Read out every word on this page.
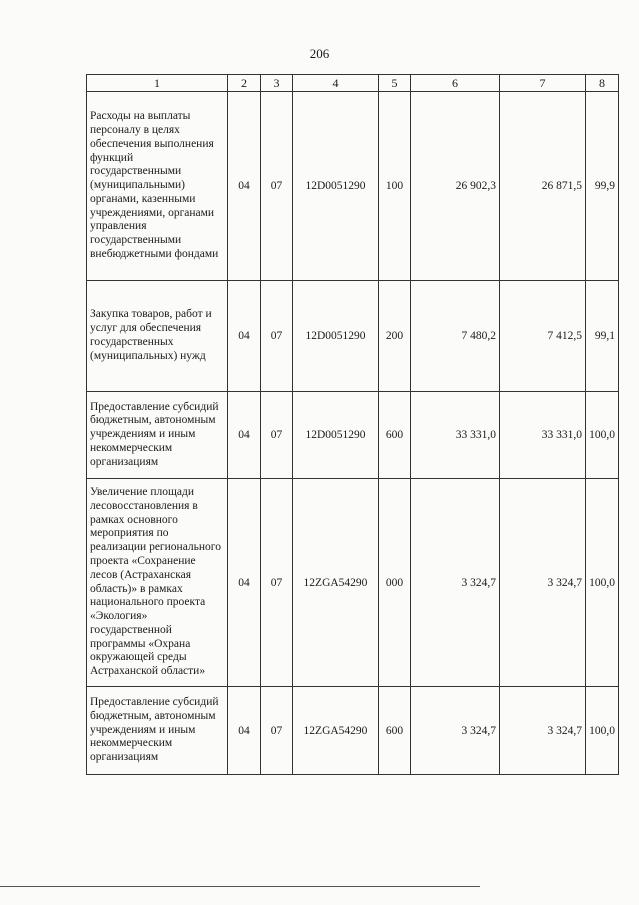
206
1	2	3	4	5	6	7	8
Расходы на выплаты персоналу в целях обеспечения выполнения функций государственными (муниципальными) органами, казенными учреждениями, органами управления государственными внебюджетными фондами	04	07	12D0051290	100	26 902,3	26 871,5	99,9
Закупка товаров, работ и услуг для обеспечения государственных (муниципальных) нужд	04	07	12D0051290	200	7 480,2	7 412,5	99,1
Предоставление субсидий бюджетным, автономным учреждениям и иным некоммерческим организациям	04	07	12D0051290	600	33 331,0	33 331,0	100,0
Увеличение площади лесовосстановления в рамках основного мероприятия по реализации регионального проекта «Сохранение лесов (Астраханская область)» в рамках национального проекта «Экология» государственной программы «Охрана окружающей среды Астраханской области»	04	07	12ZGA54290	000	3 324,7	3 324,7	100,0
Предоставление субсидий бюджетным, автономным учреждениям и иным некоммерческим организациям	04	07	12ZGA54290	600	3 324,7	3 324,7	100,0
